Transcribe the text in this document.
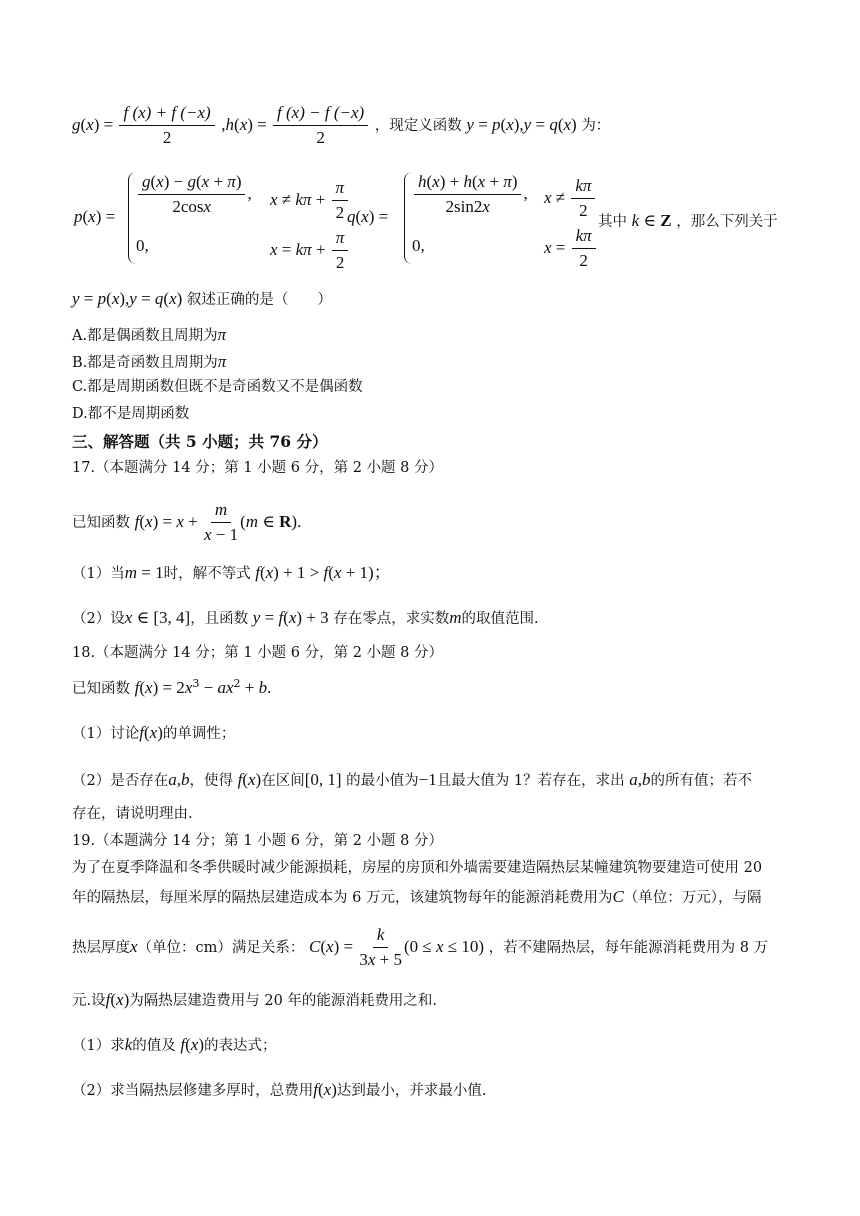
$g(x) = \frac{f (x) + f (-x)}{2} ,h(x) = \frac{f (x) - f (-x)}{2}$ ，现定义函数 y = p(x),y = q(x) 为：
$p(x) = \frac{g(x) - g(x + \pi)}{2\cos x}$ , $x \ne k\pi + \frac{\pi}{2}$
0,	$x = k\pi + \frac{\pi}{2}$
$q(x) = \frac{h(x) + h(x + \pi)}{2\sin 2x}$ , $x \ne \frac{k\pi}{2}$
0,	$x = \frac{k\pi}{2}$
其中 k ∈ Z ，那么下列关于
y = p(x),y = q(x) 叙述正确的是（　　）
A.都是偶函数且周期为π
B.都是奇函数且周期为π
C.都是周期函数但既不是奇函数又不是偶函数
D.都不是周期函数
三、解答题（共 5 小题；共 76 分）
17.（本题满分 14 分；第 1 小题 6 分，第 2 小题 8 分）
已知函数 $f(x) = x + \frac{m}{x - 1} (m$ ∈ R).
（1）当m = 1时，解不等式 f(x) + 1 > f(x + 1)；
（2）设x ∈ [3, 4]，且函数 y = f(x) + 3 存在零点，求实数m的取值范围.
18.（本题满分 14 分；第 1 小题 6 分，第 2 小题 8 分）
已知函数 $f(x) = 2x^3 - ax^2 + b$.
（1）讨论f(x)的单调性；
（2）是否存在a,b，使得 f(x)在区间[0, 1] 的最小值为−1且最大值为 1？若存在，求出 a,b的所有值；若不
存在，请说明理由.
19.（本题满分 14 分；第 1 小题 6 分，第 2 小题 8 分）
为了在夏季降温和冬季供暖时减少能源损耗，房屋的房顶和外墙需要建造隔热层某幢建筑物要建造可使用 20
年的隔热层，每厘米厚的隔热层建造成本为 6 万元，该建筑物每年的能源消耗费用为C（单位：万元），与隔
热层厚度x（单位：cm）满足关系： $C(x) = \frac{k}{3x + 5} (0 \le x \le 10)$ ，若不建隔热层，每年能源消耗费用为 8 万
元.设f(x)为隔热层建造费用与 20 年的能源消耗费用之和.
（1）求k的值及 f(x)的表达式；
（2）求当隔热层修建多厚时，总费用f(x)达到最小，并求最小值.
